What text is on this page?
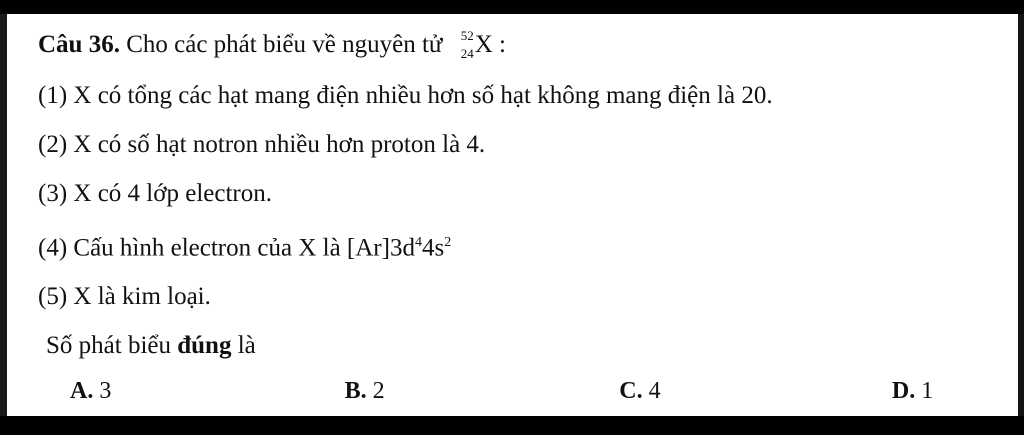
Câu 36. Cho các phát biểu về nguyên tử 52
24 X :

(1) X có tổng các hạt mang điện nhiều hơn số hạt không mang điện là 20.

(2) X có số hạt notron nhiều hơn proton là 4.

(3) X có 4 lớp electron.

(4) Cấu hình electron của X là $[Ar]3d^44s^2$

(5) X là kim loại.

Số phát biểu đúng là

A. 3	B. 2	C. 4	D. 1
